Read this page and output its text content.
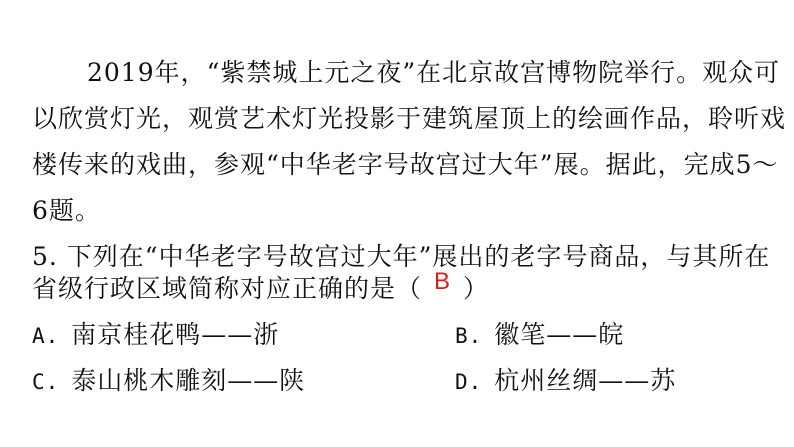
2019年，“紫禁城上元之夜”在北京故宫博物院举行。观众可

以欣赏灯光，观赏艺术灯光投影于建筑屋顶上的绘画作品，聆听戏

楼传来的戏曲，参观“中华老字号故宫过大年”展。据此，完成5～

6题。

5. 下列在“中华老字号故宫过大年”展出的老字号商品，与其所在

省级行政区域简称对应正确的是（ B ）

A. 南京桂花鸭——浙	B. 徽笔——皖
C. 泰山桃木雕刻——陕	D. 杭州丝绸——苏
